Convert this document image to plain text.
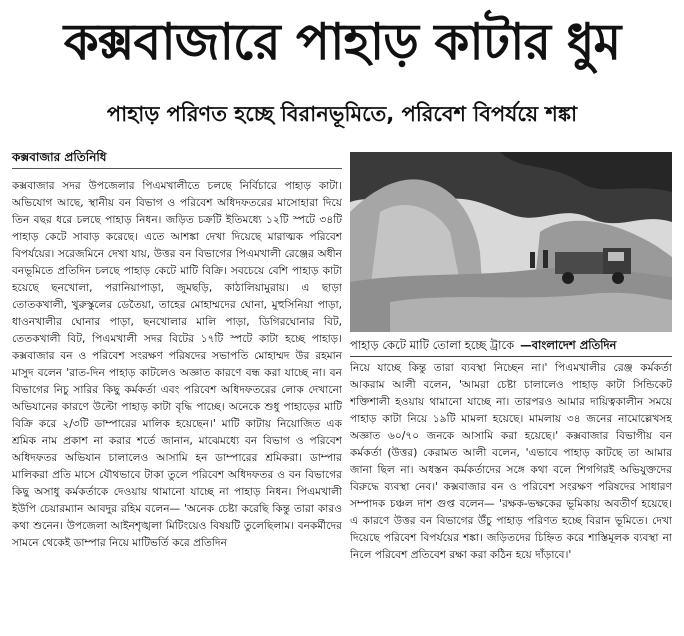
কক্সবাজারে পাহাড় কাটার ধুম
পাহাড় পরিণত হচ্ছে বিরানভূমিতে, পরিবেশ বিপর্যয়ে শঙ্কা
কক্সবাজার প্রতিনিধি

কক্সবাজার সদর উপজেলার পিএমখালীতে চলছে নির্বিচারে পাহাড় কাটা। অভিযোগ আছে, স্থানীয় বন বিভাগ ও পরিবেশ অধিদফতরের মাসোহারা দিয়ে তিন বছর ধরে চলছে পাহাড় নিধন। জড়িত চক্রটি ইতিমধ্যে ১২টি স্পটে ৩৪টি পাহাড় কেটে সাবাড় করেছে। এতে আশঙ্কা দেখা দিয়েছে মারাত্মক পরিবেশ বিপর্যয়ের। সরেজমিনে দেখা যায়, উত্তর বন বিভাগের পিএমখালী রেঞ্জের অধীন বনভূমিতে প্রতিদিন চলছে পাহাড় কেটে মাটি বিক্রি। সবচেয়ে বেশি পাহাড় কাটা হয়েছে ছনখোলা, পরানিয়াপাড়া, জুমছড়ি, কাঠালিয়ামুরায়। এ ছাড়া তোতকখালী, খুরুস্কুলের ডেতৈয়া, তাহের মোহাম্মদের ঘোনা, মুহুসিনিয়া পাড়া, ধাওনখালীর ঘোনার পাড়া, ছনখোলার মালি পাড়া, ডিগিরঘোনার বিট, তেতকখালী বিট, পিএমখালী সদর বিটের ১৭টি স্পটে কাটা হচ্ছে পাহাড়। কক্সবাজার বন ও পরিবেশ সংরক্ষণ পরিষদের সভাপতি মোহাম্মদ উর রহমান মাসুদ বলেন 'রাত-দিন পাহাড় কাটলেও অজ্ঞাত কারণে বন্ধ করা যাচ্ছে না। বন বিভাগের নিচু সারির কিছু কর্মকর্তা এবং পরিবেশ অধিদফতরের লোক দেখানো অভিযানের কারণে উল্টো পাহাড় কাটা বৃদ্ধি পাচ্ছে। অনেকে শুধু পাহাড়ের মাটি বিক্রি করে ২/৩টি ডাম্পারের মালিক হয়েছেন।' মাটি কাটায় নিয়োজিত এক শ্রমিক নাম প্রকাশ না করার শর্তে জানান, মাঝেমধ্যে বন বিভাগ ও পরিবেশ অধিদফতর অভিযান চালালেও আসামি হন ডাম্পারের শ্রমিকরা। ডাম্পার মালিকরা প্রতি মাসে যৌথভাবে টাকা তুলে পরিবেশ অধিদফতর ও বন বিভাগের কিছু অসাধু কর্মকর্তাকে দেওয়ায় থামানো যাচ্ছে না পাহাড় নিধন। পিএমখালী ইউপি চেয়ারম্যান আবদুর রহিম বলেন— 'অনেক চেষ্টা করেছি কিন্তু তারা কারও কথা শুনেন। উপজেলা আইনশৃঙ্খলা মিটিংয়েও বিষয়টি তুলেছিলাম। বনকর্মীদের সামনে থেকেই ডাম্পার নিয়ে মাটিভর্তি করে প্রতিদিন

পাহাড় কেটে মাটি তোলা হচ্ছে ট্রাকে —বাংলাদেশ প্রতিদিন

নিয়ে যাচ্ছে কিন্তু তারা ব্যবস্থা নিচ্ছেন না।' পিএমখালীর রেঞ্জ কর্মকর্তা আকরাম আলী বলেন, 'আমরা চেষ্টা চালালেও পাহাড় কাটা সিন্ডিকেট শক্তিশালী হওয়ায় থামানো যাচ্ছে না। তারপরও আমার দায়িত্বকালীন সময়ে পাহাড় কাটা নিয়ে ১৯টি মামলা হয়েছে। মামলায় ৩৪ জনের নামোল্লেখসহ অজ্ঞাত ৬০/৭০ জনকে আসামি করা হয়েছে।' কক্সবাজার বিভাগীয় বন কর্মকর্তা (উত্তর) কেরামত আলী বলেন, 'এভাবে পাহাড় কাটছে তা আমার জানা ছিল না। অধস্তন কর্মকর্তাদের সঙ্গে কথা বলে শিগগিরই অভিযুক্তদের বিরুদ্ধে ব্যবস্থা নেব।' কক্সবাজার বন ও পরিবেশ সংরক্ষণ পরিষদের সাধারণ সম্পাদক চঞ্চল দাশ গুপ্ত বলেন— 'রক্ষক-ভক্ষকের ভূমিকায় অবতীর্ণ হয়েছে। এ কারণে উত্তর বন বিভাগের উঁচু পাহাড় পরিণত হচ্ছে বিরান ভূমিতে। দেখা দিয়েছে পরিবেশ বিপর্যয়ের শঙ্কা। জড়িতদের চিহ্নিত করে শাস্তিমূলক ব্যবস্থা না নিলে পরিবেশ প্রতিবেশ রক্ষা করা কঠিন হয়ে দাঁড়াবে।'
